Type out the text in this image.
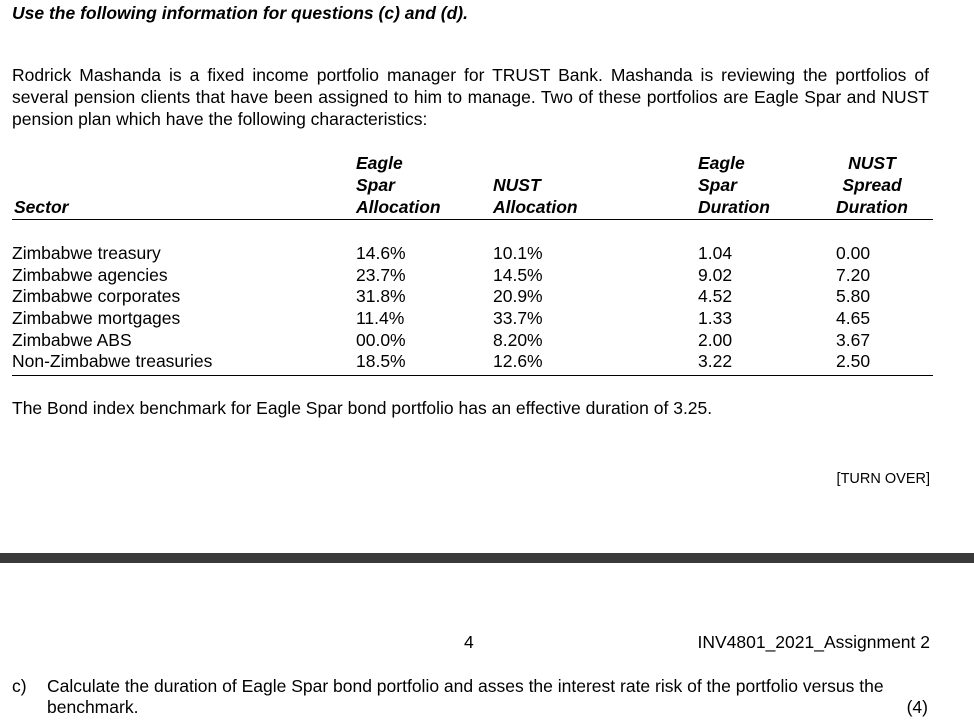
Use the following information for questions (c) and (d).
Rodrick Mashanda is a fixed income portfolio manager for TRUST Bank. Mashanda is reviewing the portfolios of several pension clients that have been assigned to him to manage. Two of these portfolios are Eagle Spar and NUST pension plan which have the following characteristics:
Sector
Eagle
Spar
Allocation
NUST
Allocation
Eagle
Spar
Duration
NUST
Spread
Duration
Zimbabwe treasury
Zimbabwe agencies
Zimbabwe corporates
Zimbabwe mortgages
Zimbabwe ABS
Non-Zimbabwe treasuries
14.6%
23.7%
31.8%
11.4%
00.0%
18.5%
10.1%
14.5%
20.9%
33.7%
8.20%
12.6%
1.04
9.02
4.52
1.33
2.00
3.22
0.00
7.20
5.80
4.65
3.67
2.50
The Bond index benchmark for Eagle Spar bond portfolio has an effective duration of 3.25.
[TURN OVER]
4	INV4801_2021_Assignment 2
c) Calculate the duration of Eagle Spar bond portfolio and asses the interest rate risk of the portfolio versus the benchmark.	(4)
